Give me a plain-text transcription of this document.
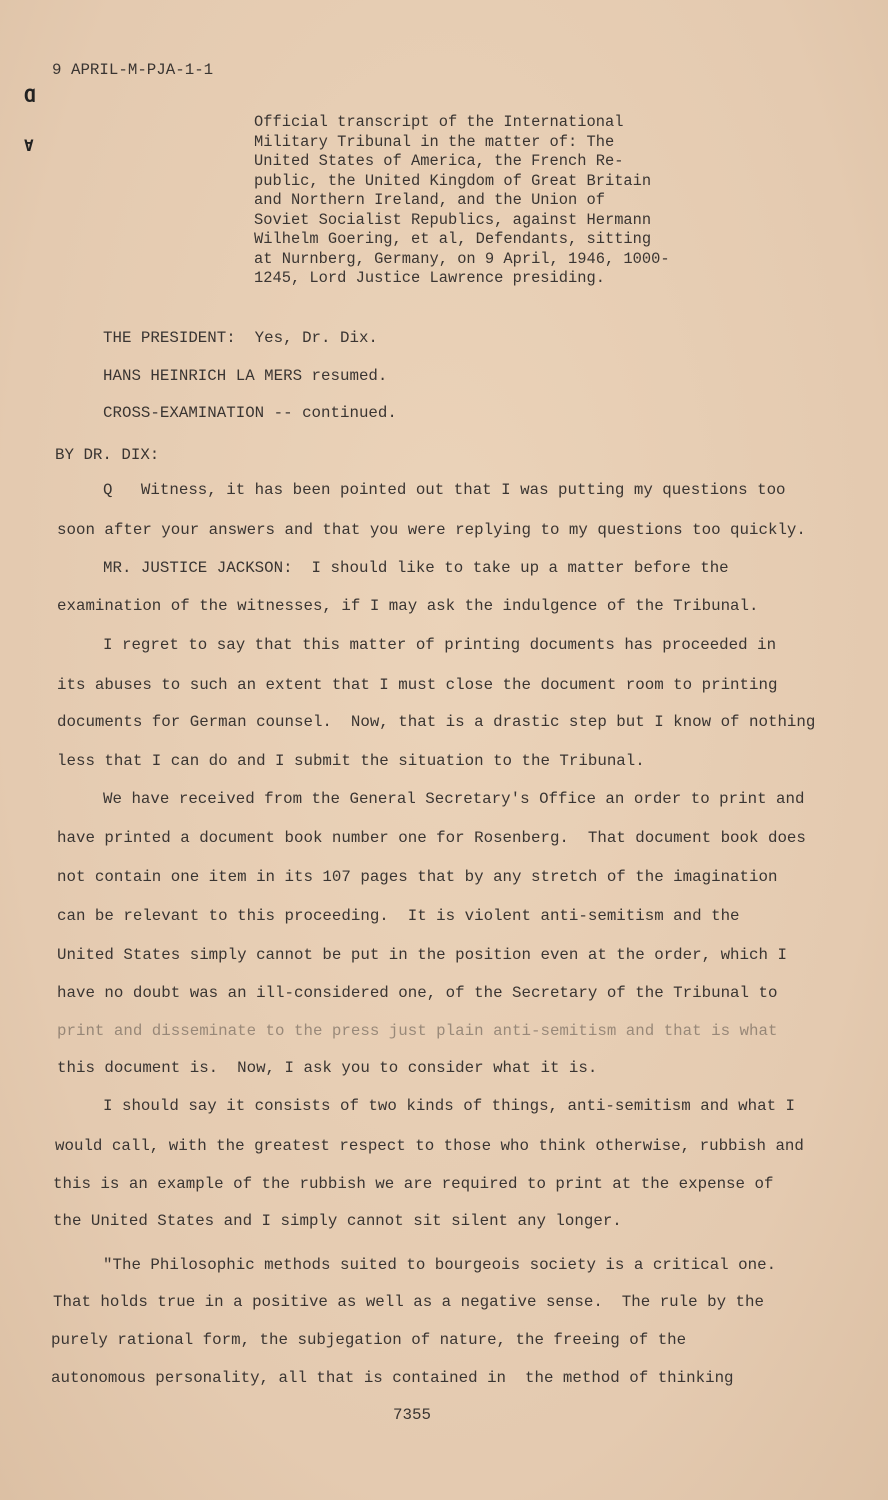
Ɑ
Ɐ
9 APRIL-M-PJA-1-1
Official transcript of the International
Military Tribunal in the matter of: The
United States of America, the French Re-
public, the United Kingdom of Great Britain
and Northern Ireland, and the Union of
Soviet Socialist Republics, against Hermann
Wilhelm Goering, et al, Defendants, sitting
at Nurnberg, Germany, on 9 April, 1946, 1000-
1245, Lord Justice Lawrence presiding.
THE PRESIDENT:  Yes, Dr. Dix.
HANS HEINRICH LA MERS resumed.
CROSS-EXAMINATION -- continued.
BY DR. DIX:
Q   Witness, it has been pointed out that I was putting my questions too
soon after your answers and that you were replying to my questions too quickly.
MR. JUSTICE JACKSON:  I should like to take up a matter before the
examination of the witnesses, if I may ask the indulgence of the Tribunal.
I regret to say that this matter of printing documents has proceeded in
its abuses to such an extent that I must close the document room to printing
documents for German counsel.  Now, that is a drastic step but I know of nothing
less that I can do and I submit the situation to the Tribunal.
We have received from the General Secretary's Office an order to print and
have printed a document book number one for Rosenberg.  That document book does
not contain one item in its 107 pages that by any stretch of the imagination
can be relevant to this proceeding.  It is violent anti-semitism and the
United States simply cannot be put in the position even at the order, which I
have no doubt was an ill-considered one, of the Secretary of the Tribunal to
print and disseminate to the press just plain anti-semitism and that is what
this document is.  Now, I ask you to consider what it is.
I should say it consists of two kinds of things, anti-semitism and what I
would call, with the greatest respect to those who think otherwise, rubbish and
this is an example of the rubbish we are required to print at the expense of
the United States and I simply cannot sit silent any longer.
"The Philosophic methods suited to bourgeois society is a critical one.
That holds true in a positive as well as a negative sense.  The rule by the
purely rational form, the subjegation of nature, the freeing of the
autonomous personality, all that is contained in  the method of thinking
7355
